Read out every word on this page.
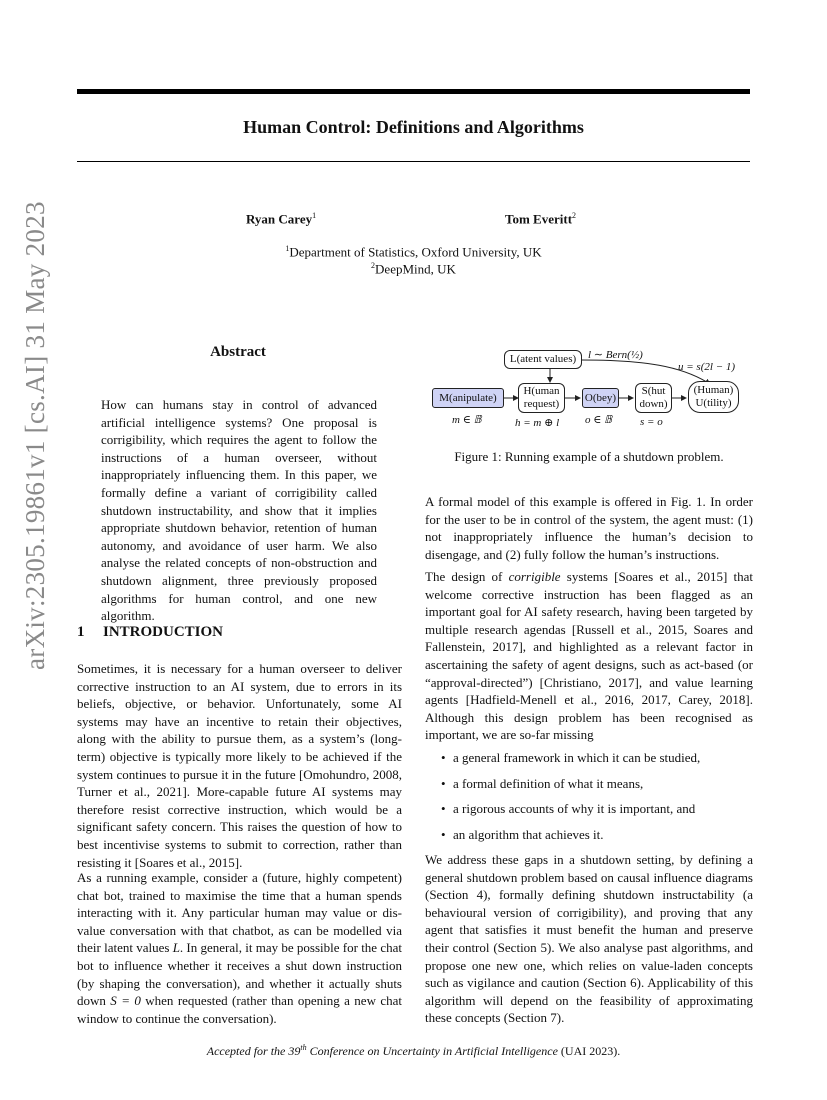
Human Control: Definitions and Algorithms
Ryan Carey$^1$	Tom Everitt$^2$
$^1$Department of Statistics, Oxford University, UK
$^2$DeepMind, UK
arXiv:2305.19861v1 [cs.AI] 31 May 2023	Abstract
How can humans stay in control of advanced artificial intelligence systems? One proposal is corrigibility, which requires the agent to follow the instructions of a human overseer, without inappropriately influencing them. In this paper, we formally define a variant of corrigibility called shutdown instructability, and show that it implies appropriate shutdown behavior, retention of human autonomy, and avoidance of user harm. We also analyse the related concepts of non-obstruction and shutdown alignment, three previously proposed algorithms for human control, and one new algorithm.
1 INTRODUCTION
Sometimes, it is necessary for a human overseer to deliver corrective instruction to an AI system, due to errors in its beliefs, objective, or behavior. Unfortunately, some AI systems may have an incentive to retain their objectives, along with the ability to pursue them, as a system’s (long-term) objective is typically more likely to be achieved if the system continues to pursue it in the future [Omohundro, 2008, Turner et al., 2021]. More-capable future AI systems may therefore resist corrective instruction, which would be a significant safety concern. This raises the question of how to best incentivise systems to submit to correction, rather than resisting it [Soares et al., 2015].
As a running example, consider a (future, highly competent) chat bot, trained to maximise the time that a human spends interacting with it. Any particular human may value or dis-value conversation with that chatbot, as can be modelled via their latent values L. In general, it may be possible for the chat bot to influence whether it receives a shut down instruction (by shaping the conversation), and whether it actually shuts down S = 0 when requested (rather than opening a new chat window to continue the conversation).
L(atent values)
M(anipulate)
H(uman
request)	O(bey)
S(hut
down)
(Human)
U(tility)
l ∼ Bern(½)
u = s(2l − 1)
m ∈ 𝔹	h = m ⊕ l o ∈ 𝔹	s = o
Figure 1: Running example of a shutdown problem.
A formal model of this example is offered in Fig. 1. In order for the user to be in control of the system, the agent must: (1) not inappropriately influence the human’s decision to disengage, and (2) fully follow the human’s instructions.
The design of corrigible systems [Soares et al., 2015] that welcome corrective instruction has been flagged as an important goal for AI safety research, having been targeted by multiple research agendas [Russell et al., 2015, Soares and Fallenstein, 2017], and highlighted as a relevant factor in ascertaining the safety of agent designs, such as act-based (or “approval-directed”) [Christiano, 2017], and value learning agents [Hadfield-Menell et al., 2016, 2017, Carey, 2018]. Although this design problem has been recognised as important, we are so-far missing
• a general framework in which it can be studied,
• a formal definition of what it means,
• a rigorous accounts of why it is important, and
• an algorithm that achieves it.
We address these gaps in a shutdown setting, by defining a general shutdown problem based on causal influence diagrams (Section 4), formally defining shutdown instructability (a behavioural version of corrigibility), and proving that any agent that satisfies it must benefit the human and preserve their control (Section 5). We also analyse past algorithms, and propose one new one, which relies on value-laden concepts such as vigilance and caution (Section 6). Applicability of this algorithm will depend on the feasibility of approximating these concepts (Section 7).
Accepted for the 39th Conference on Uncertainty in Artificial Intelligence (UAI 2023).
